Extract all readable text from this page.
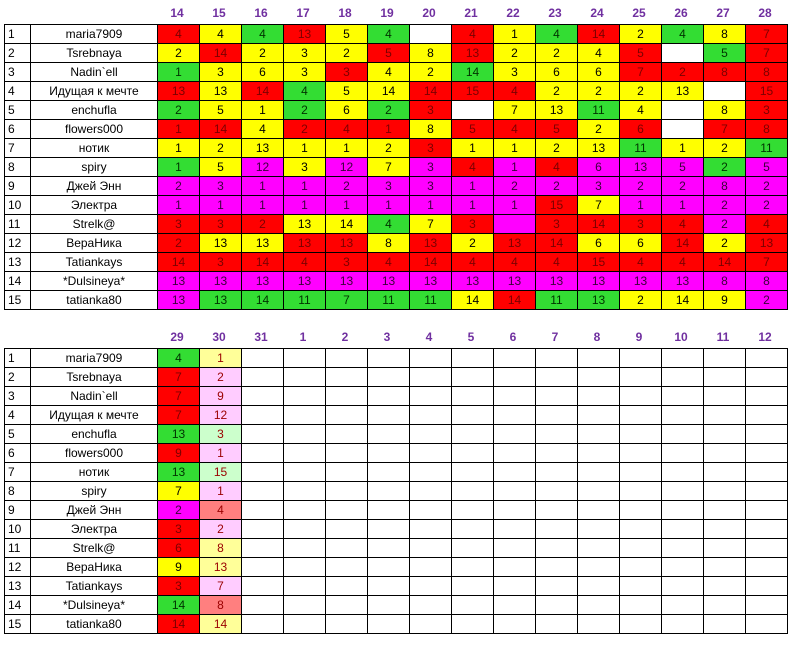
14	15	16	17	18	19	20	21	22	23	24	25	26	27	28
1	maria7909	4	4	4	13	5	4		4	1	4	14	2	4	8	7
2	Tsrebnaya	2	14	2	3	2	5	8	13	2	2	4	5		5	7
3	Nadin`ell	1	3	6	3	3	4	2	14	3	6	6	7	2	8	8
4	Идущая к мечте	13	13	14	4	5	14	14	15	4	2	2	2	13		15
5	enchufla	2	5	1	2	6	2	3		7	13	11	4		8	3
6	flowers000	1	14	4	2	4	1	8	5	4	5	2	6		7	8
7	нотик	1	2	13	1	1	2	3	1	1	2	13	11	1	2	11
8	spiry	1	5	12	3	12	7	3	4	1	4	6	13	5	2	5
9	Джей Энн	2	3	1	1	2	3	3	1	2	2	3	2	2	8	2
10	Электра	1	1	1	1	1	1	1	1	1	15	7	1	1	2	2
11	Strelk@	3	3	2	13	14	4	7	3		3	14	3	4	2	4
12	ВераНика	2	13	13	13	13	8	13	2	13	14	6	6	14	2	13
13	Tatiankays	14	3	14	4	3	4	14	4	4	4	15	4	4	14	7
14	*Dulsineya*	13	13	13	13	13	13	13	13	13	13	13	13	13	8	8
15	tatianka80	13	13	14	11	7	11	11	14	14	11	13	2	14	9	2
29	30	31	1	2	3	4	5	6	7	8	9	10	11	12
1	maria7909	4	1													
2	Tsrebnaya	7	2													
3	Nadin`ell	7	9													
4	Идущая к мечте	7	12													
5	enchufla	13	3													
6	flowers000	9	1													
7	нотик	13	15													
8	spiry	7	1													
9	Джей Энн	2	4													
10	Электра	3	2													
11	Strelk@	6	8													
12	ВераНика	9	13													
13	Tatiankays	3	7													
14	*Dulsineya*	14	8													
15	tatianka80	14	14													
